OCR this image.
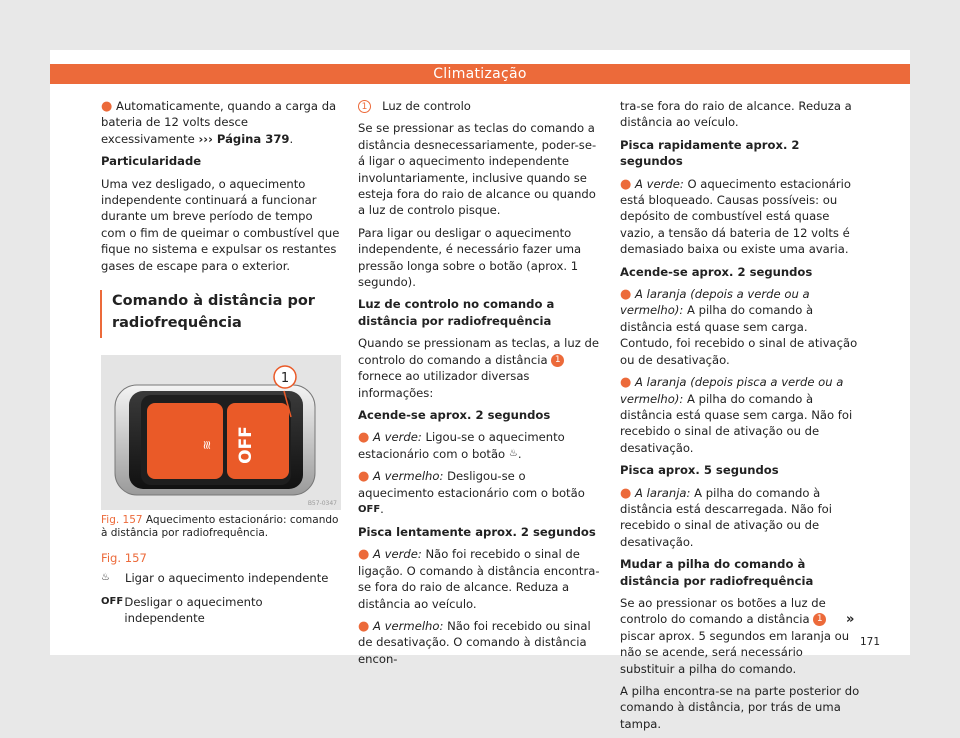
Climatização

● Automaticamente, quando a carga da bateria de 12 volts desce excessivamente ››› Página 379.

Particularidade

Uma vez desligado, o aquecimento independente continuará a funcionar durante um breve período de tempo com o fim de queimar o combustível que fique no sistema e expulsar os restantes gases de escape para o exterior.

Comando à distância por radiofrequência
OFF
≋
1
B57-0347
Fig. 157 Aquecimento estacionário: comando à distância por radiofrequência.
Fig. 157
♨	Ligar o aquecimento independente
OFF Desligar o aquecimento independente

1 Luz de controlo

Se se pressionar as teclas do comando a distância desnecessariamente, poder-se-á ligar o aquecimento independente involuntariamente, inclusive quando se esteja fora do raio de alcance ou quando a luz de controlo pisque.

Para ligar ou desligar o aquecimento independente, é necessário fazer uma pressão longa sobre o botão (aprox. 1 segundo).

Luz de controlo no comando a distância por radiofrequência

Quando se pressionam as teclas, a luz de controlo do comando a distância 1 fornece ao utilizador diversas informações:

Acende-se aprox. 2 segundos

● A verde: Ligou-se o aquecimento estacionário com o botão ♨.

● A vermelho: Desligou-se o aquecimento estacionário com o botão OFF.

Pisca lentamente aprox. 2 segundos

● A verde: Não foi recebido o sinal de ligação. O comando à distância encontra-se fora do raio de alcance. Reduza a distância ao veículo.

● A vermelho: Não foi recebido ou sinal de desativação. O comando à distância encon-

tra-se fora do raio de alcance. Reduza a distância ao veículo.

Pisca rapidamente aprox. 2 segundos

● A verde: O aquecimento estacionário está bloqueado. Causas possíveis: ou depósito de combustível está quase vazio, a tensão dá bateria de 12 volts é demasiado baixa ou existe uma avaria.

Acende-se aprox. 2 segundos

● A laranja (depois a verde ou a vermelho): A pilha do comando à distância está quase sem carga. Contudo, foi recebido o sinal de ativação ou de desativação.

● A laranja (depois pisca a verde ou a vermelho): A pilha do comando à distância está quase sem carga. Não foi recebido o sinal de ativação ou de desativação.

Pisca aprox. 5 segundos

● A laranja: A pilha do comando à distância está descarregada. Não foi recebido o sinal de ativação ou de desativação.

Mudar a pilha do comando à distância por radiofrequência

Se ao pressionar os botões a luz de controlo do comando a distância 1 piscar aprox. 5 segundos em laranja ou não se acende, será necessário substituir a pilha do comando.

A pilha encontra-se na parte posterior do comando à distância, por trás de uma tampa.

»
171
